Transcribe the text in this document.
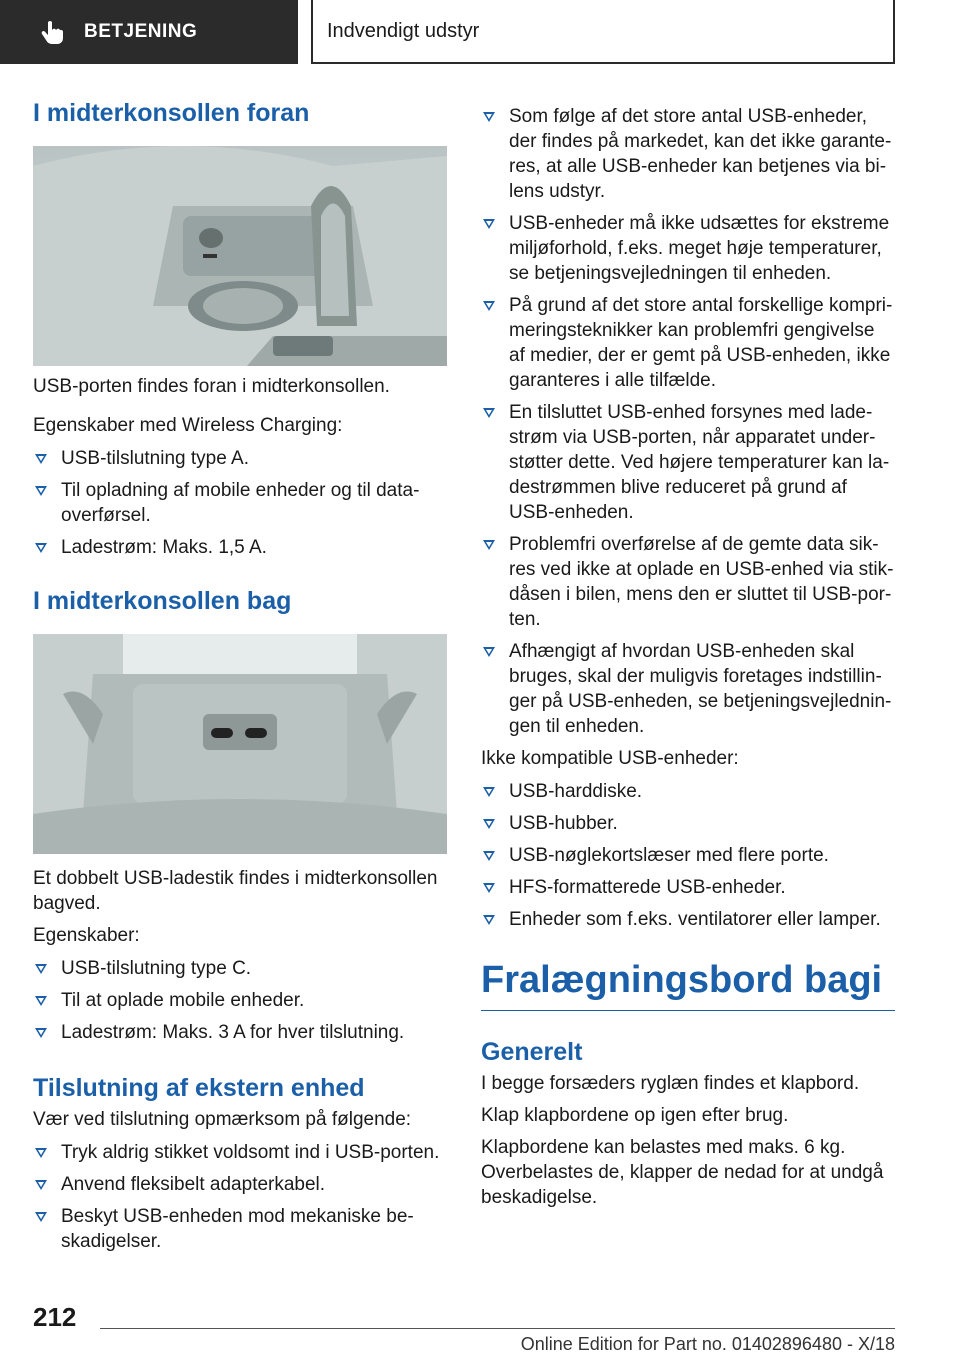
BETJENING	Indvendigt udstyr
I midterkonsollen foran

USB-porten findes foran i midterkonsollen.

Egenskaber med Wireless Charging:

USB-tilslutning type A.
Til opladning af mobile enheder og til dataoverførsel.
Ladestrøm: Maks. 1,5 A.
I midterkonsollen bag

Et dobbelt USB-ladestik findes i midterkonsollen bagved.

Egenskaber:

USB-tilslutning type C.
Til at oplade mobile enheder.
Ladestrøm: Maks. 3 A for hver tilslutning.
Tilslutning af ekstern enhed

Vær ved tilslutning opmærksom på følgende:

Tryk aldrig stikket voldsomt ind i USB-porten.
Anvend fleksibelt adapterkabel.
Beskyt USB-enheden mod mekaniske beskadigelser.
Som følge af det store antal USB-enheder, der findes på markedet, kan det ikke garanteres, at alle USB-enheder kan betjenes via bilens udstyr.
USB-enheder må ikke udsættes for ekstreme miljøforhold, f.eks. meget høje temperaturer, se betjeningsvejledningen til enheden.
På grund af det store antal forskellige komprimeringsteknikker kan problemfri gengivelse af medier, der er gemt på USB-enheden, ikke garanteres i alle tilfælde.
En tilsluttet USB-enhed forsynes med ladestrøm via USB-porten, når apparatet understøtter dette. Ved højere temperaturer kan ladestrømmen blive reduceret på grund af USB-enheden.
Problemfri overførelse af de gemte data sikres ved ikke at oplade en USB-enhed via stikdåsen i bilen, mens den er sluttet til USB-porten.
Afhængigt af hvordan USB-enheden skal bruges, skal der muligvis foretages indstillinger på USB-enheden, se betjeningsvejledningen til enheden.

Ikke kompatible USB-enheder:

USB-harddiske.
USB-hubber.
USB-nøglekortslæser med flere porte.
HFS-formatterede USB-enheder.
Enheder som f.eks. ventilatorer eller lamper.
Fralægningsbord bagi
Generelt

I begge forsæders ryglæn findes et klapbord.

Klap klapbordene op igen efter brug.

Klapbordene kan belastes med maks. 6 kg. Overbelastes de, klapper de nedad for at undgå beskadigelse.

212
Online Edition for Part no. 01402896480 - X/18
